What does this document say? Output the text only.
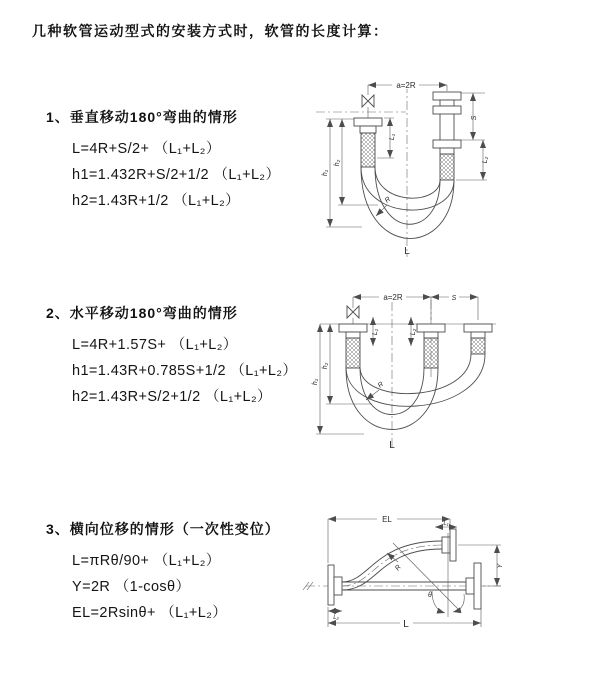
几种软管运动型式的安装方式时，软管的长度计算：
1、垂直移动180°弯曲的情形
L=4R+S/2+ （L₁+L₂）
h1=1.432R+S/2+1/2 （L₁+L₂）
h2=1.43R+1/2 （L₁+L₂）
a=2R
S
L₂
L₁
h₁
h₂
R
L
2、水平移动180°弯曲的情形
L=4R+1.57S+ （L₁+L₂）
h1=1.43R+0.785S+1/2 （L₁+L₂）
h2=1.43R+S/2+1/2 （L₁+L₂）
a=2R	S
L₁	L₂
h₁
h₂
R
L
3、横向位移的情形（一次性变位）
L=πRθ/90+ （L₁+L₂）
Y=2R （1-cosθ）
EL=2Rsinθ+ （L₁+L₂）
EL	L₁
θ
R	Y
L
L₂
